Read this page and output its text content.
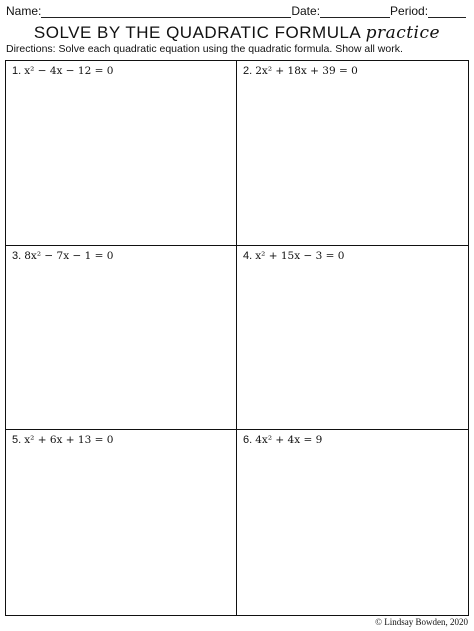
Name:	Date:	Period:
SOLVE BY THE QUADRATIC FORMULA practice
Directions: Solve each quadratic equation using the quadratic formula. Show all work.
1. x² − 4x − 12 = 0	2. 2x² + 18x + 39 = 0
3. 8x² − 7x − 1 = 0	4. x² + 15x − 3 = 0
5. x² + 6x + 13 = 0	6. 4x² + 4x = 9
© Lindsay Bowden, 2020
